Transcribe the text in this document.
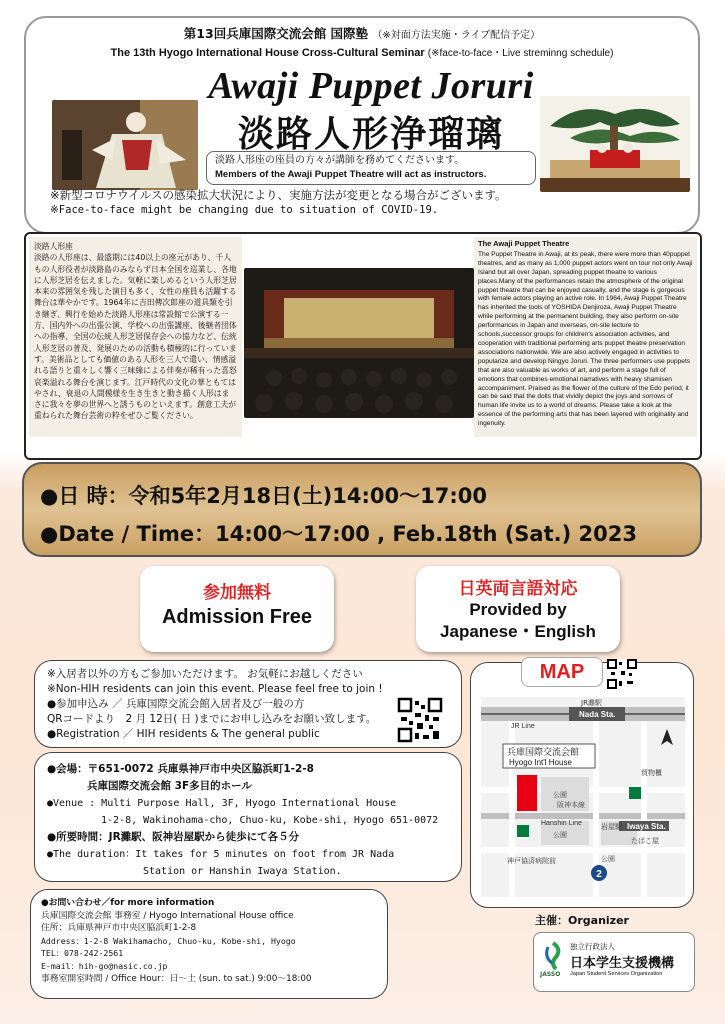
第13回兵庫国際交流会館 国際塾 （※対面方法実施・ライブ配信予定）
The 13th Hyogo International House Cross-Cultural Seminar (※face-to-face・Live streminng schedule)
Awaji Puppet Joruri
淡路人形浄瑠璃
淡路人形座の座員の方々が講師を務めてくださいます。
Members of the Awaji Puppet Theatre will act as instructors.
※新型コロナウイルスの感染拡大状況により、実施方法が変更となる場合がございます。
※Face-to-face might be changing due to situation of COVID-19.
淡路人形座
淡路の人形座は、最盛期には40以上の座元があり、千人もの人形役者が淡路島のみならず日本全国を巡業し、各地に人形芝居を伝えました。気軽に楽しめるという人形芝居本来の雰囲気を残した演目も多く、女性の座員も活躍する舞台は華やかです。1964年に吉田傳次郎座の道具類を引き継ぎ、興行を始めた淡路人形座は常設館で公演する一方、国内外への出張公演、学校への出張講座、後継者団体への指導、全国の伝統人形芝居保存会への協力など、伝統人形芝居の普及、発展のための活動も積極的に行っています。美術品としても価値のある人形を三人で遣い、情感溢れる語りと重々しく響く三味線による伴奏が稀有った喜怒哀楽溢れる舞台を演じます。江戸時代の文化の華ともてはやされ、衰退の人間模様を生き生きと動き描く人形はまさに我々を夢の世界へと誘うものといえます。創意工夫が重ねられた舞台芸術の粋をぜひご覧ください。
The Awaji Puppet Theatre
The Puppet Theatre in Awaji, at its peak, there were more than 40puppet theatres, and as many as 1,000 puppet actors went on tour not only Awaji Island but all over Japan, spreading puppet theatre to various places.Many of the performances retain the atmosphere of the original puppet theatre that can be enjoyed casually, and the stage is gorgeous with female actors playing an active role. In 1964, Awaji Puppet Theatre has inherited the tools of YOSHIDA Denjiroza, Awaji Puppet Theatre while performing at the permanent building, they also perform on-site performances in Japan and overseas, on-site lecture to schools,successor groups for children's association activities, and cooperation with traditional performing arts puppet theatre preservation associations nationwide. We are also actively engaged in activities to popularize and develop Ningyo Joruri. The three performers use puppets that are also valuable as works of art, and perform a stage full of emotions that combines emotional narratives with heavy shamisen accompaniment. Praised as the flower of the culture of the Edo period, it can be said that the dolls that vividly depict the joys and sorrows of human life invite us to a world of dreams. Please take a look at the essence of the performing arts that has been layered with originality and ingenuity.
●日 時：令和5年2月18日(土)14:00〜17:00
●Date / Time：14:00〜17:00 , Feb.18th (Sat.) 2023
参加無料
Admission Free
日英両言語対応
Provided by
Japanese・English
※入居者以外の方もご参加いただけます。 お気軽にお越しください
※Non-HIH residents can join this event. Please feel free to join !
●参加申込み ／ 兵庫国際交流会館入居者及び一般の方
QRコードより　2 月 12日( 日 )までにお申し込みをお願い致します。
●Registration ／ HIH residents & The general public
●会場：〒651-0072 兵庫県神戸市中央区脇浜町1-2-8
兵庫国際交流会館 3F多目的ホール
●Venue : Multi Purpose Hall, 3F, Hyogo International House
1-2-8, Wakinohama-cho, Chuo-ku, Kobe-shi, Hyogo 651-0072
●所要時間：JR灘駅、阪神岩屋駅から徒歩にて各５分
●The duration：It takes for 5 minutes on foot from JR Nada
Station or Hanshin Iwaya Station.
MAP
2
JR灘駅
Nada Sta.
JR Line
兵庫国際交流会館
Hyogo Int'l House
公園
公園
阪神本線
岩屋駅 Iwaya Sta.
Hanshin Line
たばこ屋
神戸協済病院前	公園
貿物櫃
●お問い合わせ／for more information
兵庫国際交流会館 事務室 / Hyogo International House office
住所：兵庫県神戸市中央区脇浜町1-2-8
Address：1-2-8 Wakihamacho, Chuo-ku, Kobe-shi, Hyogo
TEL：078-242-2561
E-mail：hih-go@nasic.co.jp
事務室開室時間 / Office Hour：日〜土 (sun. to sat.) 9:00〜18:00
主催：Organizer
JASSO
独立行政法人
日本学生支援機構
Japan Student Services Organization
